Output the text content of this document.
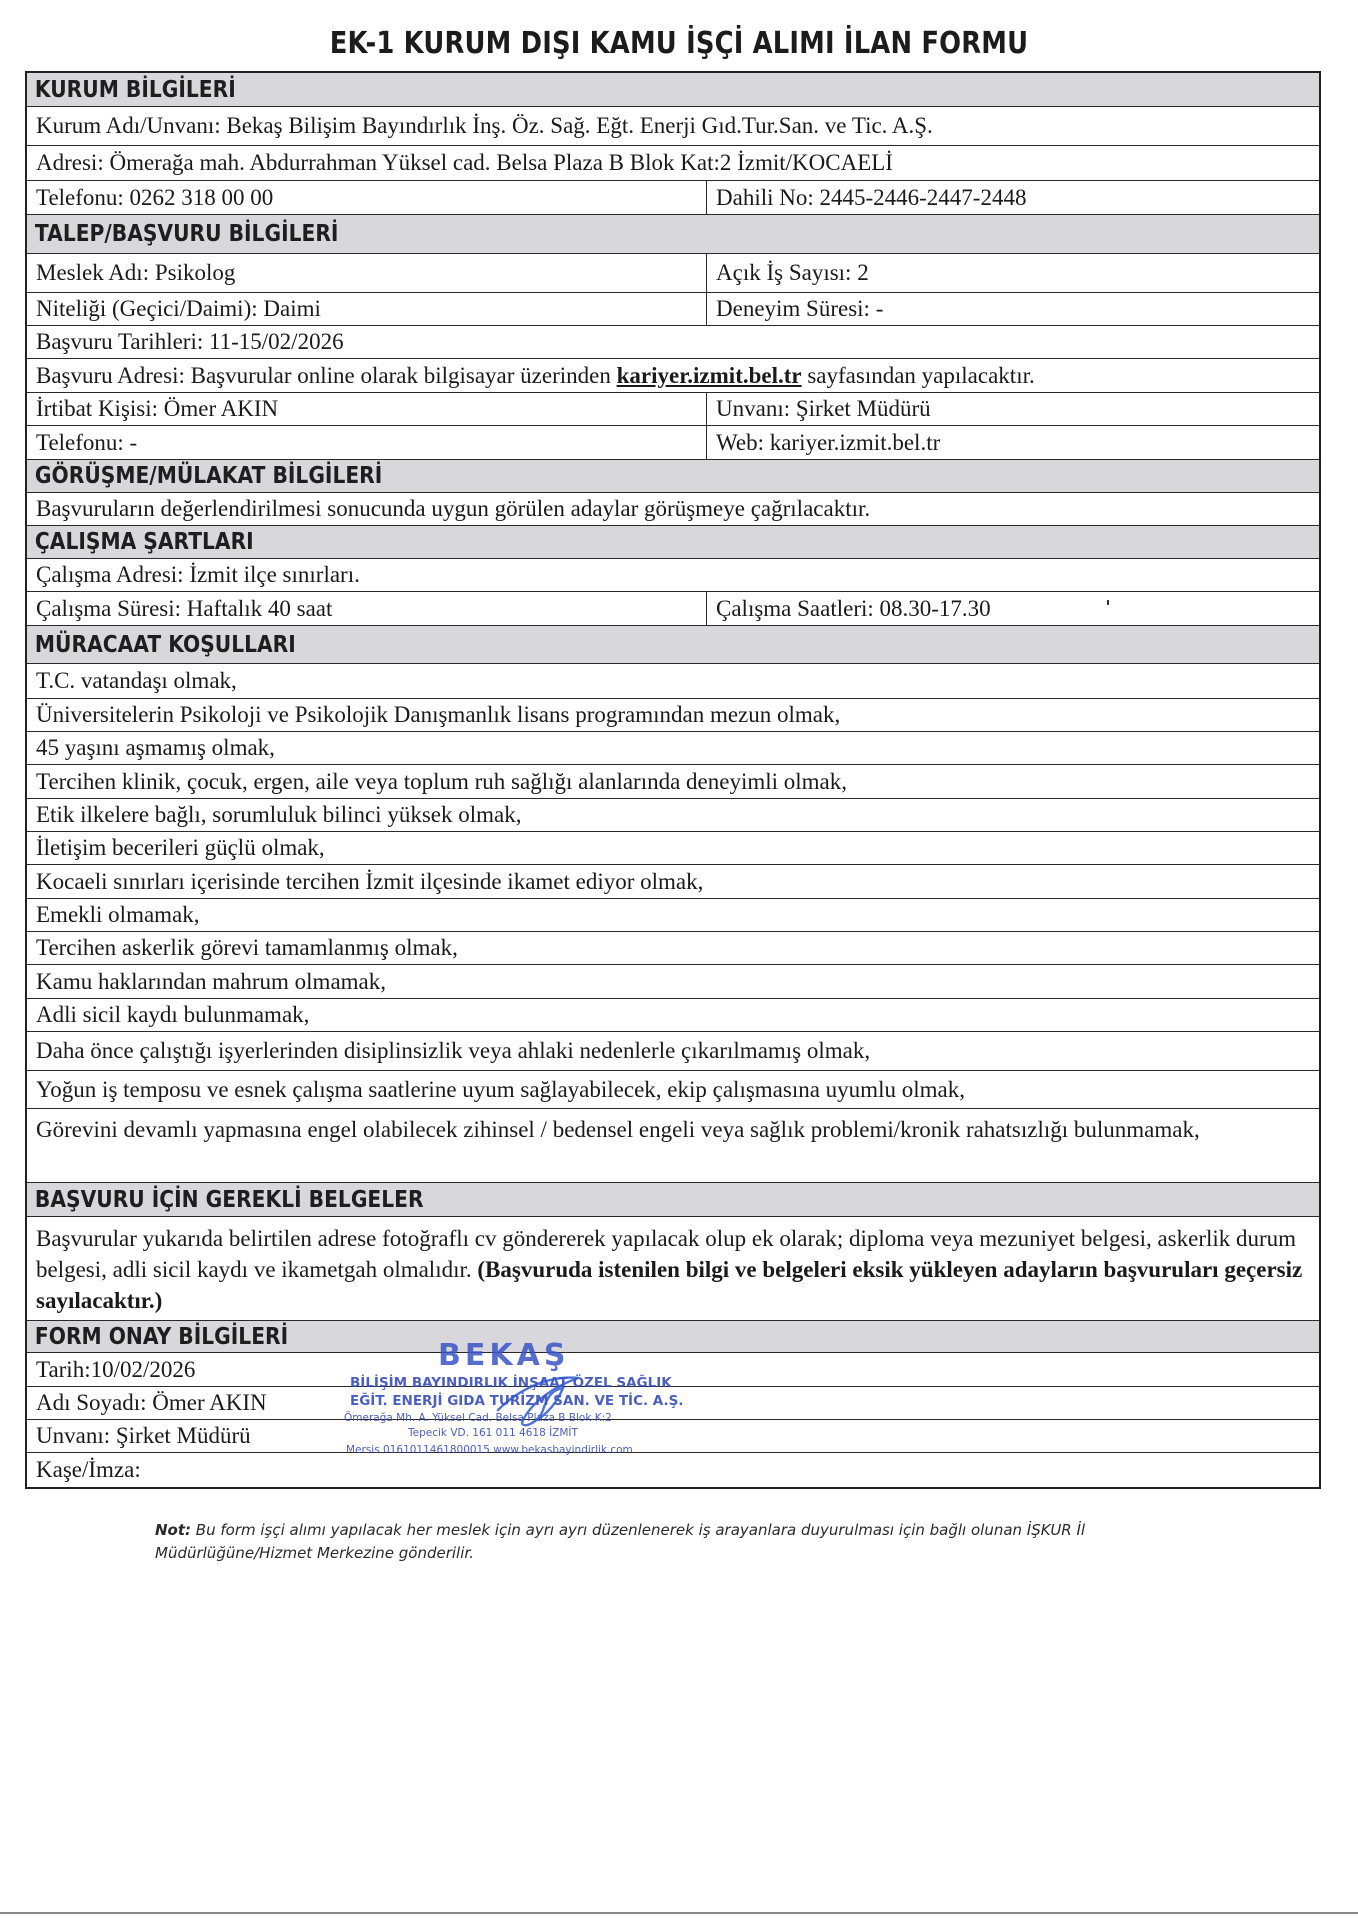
EK-1 KURUM DIŞI KAMU İŞÇİ ALIMI İLAN FORMU
KURUM BİLGİLERİ
Kurum Adı/Unvanı: Bekaş Bilişim Bayındırlık İnş. Öz. Sağ. Eğt. Enerji Gıd.Tur.San. ve Tic. A.Ş.
Adresi: Ömerağa mah. Abdurrahman Yüksel cad. Belsa Plaza B Blok Kat:2 İzmit/KOCAELİ
Telefonu: 0262 318 00 00	Dahili No: 2445-2446-2447-2448
TALEP/BAŞVURU BİLGİLERİ
Meslek Adı: Psikolog	Açık İş Sayısı: 2
Niteliği (Geçici/Daimi): Daimi	Deneyim Süresi: -
Başvuru Tarihleri: 11-15/02/2026
Başvuru Adresi: Başvurular online olarak bilgisayar üzerinden kariyer.izmit.bel.tr sayfasından yapılacaktır.
İrtibat Kişisi: Ömer AKIN	Unvanı: Şirket Müdürü
Telefonu: -	Web: kariyer.izmit.bel.tr
GÖRÜŞME/MÜLAKAT BİLGİLERİ
Başvuruların değerlendirilmesi sonucunda uygun görülen adaylar görüşmeye çağrılacaktır.
ÇALIŞMA ŞARTLARI
Çalışma Adresi: İzmit ilçe sınırları.
Çalışma Süresi: Haftalık 40 saat	Çalışma Saatleri: 08.30-17.30
MÜRACAAT KOŞULLARI
T.C. vatandaşı olmak,
Üniversitelerin Psikoloji ve Psikolojik Danışmanlık lisans programından mezun olmak,
45 yaşını aşmamış olmak,
Tercihen klinik, çocuk, ergen, aile veya toplum ruh sağlığı alanlarında deneyimli olmak,
Etik ilkelere bağlı, sorumluluk bilinci yüksek olmak,
İletişim becerileri güçlü olmak,
Kocaeli sınırları içerisinde tercihen İzmit ilçesinde ikamet ediyor olmak,
Emekli olmamak,
Tercihen askerlik görevi tamamlanmış olmak,
Kamu haklarından mahrum olmamak,
Adli sicil kaydı bulunmamak,
Daha önce çalıştığı işyerlerinden disiplinsizlik veya ahlaki nedenlerle çıkarılmamış olmak,
Yoğun iş temposu ve esnek çalışma saatlerine uyum sağlayabilecek, ekip çalışmasına uyumlu olmak,
Görevini devamlı yapmasına engel olabilecek zihinsel / bedensel engeli veya sağlık problemi/kronik rahatsızlığı bulunmamak,
BAŞVURU İÇİN GEREKLİ BELGELER
Başvurular yukarıda belirtilen adrese fotoğraflı cv göndererek yapılacak olup ek olarak; diploma veya mezuniyet belgesi, askerlik durum belgesi, adli sicil kaydı ve ikametgah olmalıdır. (Başvuruda istenilen bilgi ve belgeleri eksik yükleyen adayların başvuruları geçersiz sayılacaktır.)
FORM ONAY BİLGİLERİ
Tarih:10/02/2026
Adı Soyadı: Ömer AKIN
Unvanı: Şirket Müdürü
Kaşe/İmza:
BEKAŞ
BİLİŞİM BAYINDIRLIK İNŞAAT ÖZEL SAĞLIK
EĞİT. ENERJİ GIDA TURİZM SAN. VE TİC. A.Ş.
Ömerağa Mh. A. Yüksel Cad. Belsa Plaza B Blok K:2
Tepecik VD. 161 011 4618 İZMİT
Mersis 0161011461800015 www.bekasbayindirlik.com
Not: Bu form işçi alımı yapılacak her meslek için ayrı ayrı düzenlenerek iş arayanlara duyurulması için bağlı olunan İŞKUR İl Müdürlüğüne/Hizmet Merkezine gönderilir.
